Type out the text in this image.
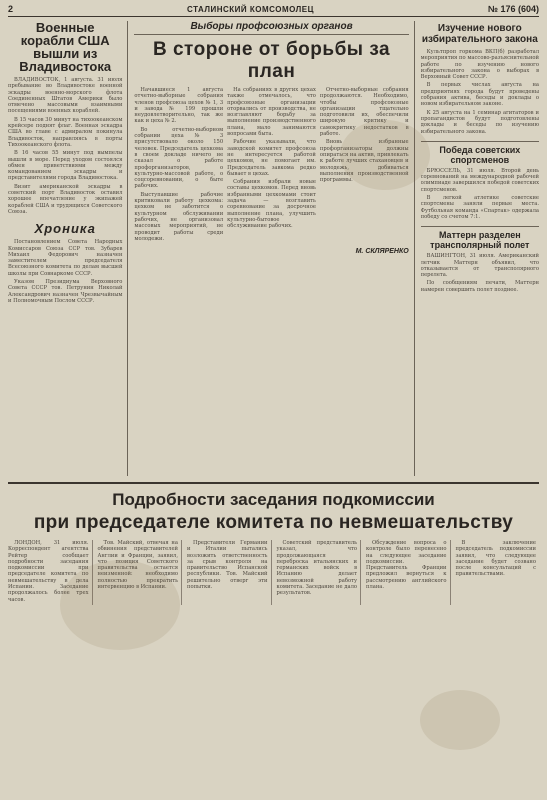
2	СТАЛИНСКИЙ КОМСОМОЛЕЦ	№ 176 (604)
Военные корабли США вышли из Владивостока

ВЛАДИВОСТОК, 1 августа. 31 июля пребывание во Владивостоке военной эскадры военно-морского флота Соединенных Штатов Америки было отмечено массовыми взаимными посещениями военных кораблей.

В 15 часов 30 минут на тихоокеанском крейсере поднят флаг. Военная эскадра США во главе с адмиралом покинула Владивосток, направляясь в порты Тихоокеанского флота.

В 16 часов 55 минут под вымпелы вышли в море. Перед уходом состоялся обмен приветствиями между командованием эскадры и представителями города Владивостока.

Визит американской эскадры в советский порт Владивосток оставил хорошее впечатление у экипажей кораблей США и трудящихся Советского Союза.

Хроника

Постановлением Совета Народных Комиссаров Союза ССР тов. Зубарев Михаил Федорович назначен заместителем председателя Всесоюзного комитета по делам высшей школы при Совнаркоме СССР.

Указом Президиума Верховного Совета СССР тов. Петрунин Николай Александрович назначен Чрезвычайным и Полномочным Послом СССР.

Выборы профсоюзных органов
В стороне от борьбы за план

Начавшиеся 1 августа отчетно-выборные собрания членов профсоюза цехов № 1, 3 и завода № 199 прошли неудовлетворительно, так же как и цеха № 2.

Во отчетно-выборном собрании цеха № 3 присутствовало около 150 человек. Председатель цехкома в своем докладе ничего не сказал о работе профорганизаторов, о культурно-массовой работе, о соцсоревновании, о быте рабочих.

Выступавшие рабочие критиковали работу цехкома: цехком не заботится о культурном обслуживании рабочих, не организовал массовых мероприятий, не проводит работы среди молодежи.

На собраниях в других цехах также отмечалось, что профсоюзные организации оторвались от производства, не возглавляют борьбу за выполнение производственного плана, мало занимаются вопросами быта.

Рабочие указывали, что заводской комитет профсоюза не интересуется работой цехкомов, не помогает им. Председатель завкома редко бывает в цехах.

Собрания избрали новые составы цехкомов. Перед вновь избранными цехкомами стоит задача — возглавить соревнование за досрочное выполнение плана, улучшить культурно-бытовое обслуживание рабочих.

Отчетно-выборные собрания продолжаются. Необходимо, чтобы профсоюзные организации тщательно подготовили их, обеспечили широкую критику и самокритику недостатков в работе.

Вновь избранные профорганизаторы должны опираться на актив, привлекать к работе лучших стахановцев и молодежь, добиваться выполнения производственной программы.

М. СКЛЯРЕНКО
Изучение нового избирательного закона

Культпроп горкома ВКП(б) разработал мероприятия по массово-разъяснительной работе по изучению нового избирательного закона о выборах в Верховный Совет СССР.

В первых числах августа на предприятиях города будут проведены собрания актива, беседы и доклады о новом избирательном законе.

К 25 августа на 1 семинар агитаторов и пропагандистов будут подготовлены доклады и беседы по изучению избирательного закона.

Победа советских спортсменов

БРЮССЕЛЬ, 31 июля. Второй день соревнований на международной рабочей олимпиаде завершился победой советских спортсменов.

В легкой атлетике советские спортсмены заняли первые места. Футбольная команда «Спартак» одержала победу со счетом 7:1.

Маттерн разделен трансполярный полет

ВАШИНГТОН, 31 июля. Американский летчик Маттерн объявил, что отказывается от трансполярного перелета.

По сообщениям печати, Маттерн намерен совершить полет позднее.

Подробности заседания подкомиссии
при председателе комитета по невмешательству

ЛОНДОН, 31 июля. Корреспондент агентства Рейтер сообщает подробности заседания подкомиссии при председателе комитета по невмешательству в дела Испании. Заседание продолжалось более трех часов.

Тов. Майский, отвечая на обвинения представителей Англии и Франции, заявил, что позиция Советского правительства остается неизменной: необходимо полностью прекратить интервенцию в Испании.

Представители Германии и Италии пытались возложить ответственность за срыв контроля на правительство Испанской республики. Тов. Майский решительно отверг эти попытки.

Советский представитель указал, что продолжающаяся переброска итальянских и германских войск в Испанию делает невозможной работу комитета. Заседание не дало результатов.

Обсуждение вопроса о контроле было перенесено на следующее заседание подкомиссии. Представитель Франции предложил вернуться к рассмотрению английского плана.

В заключение председатель подкомиссии заявил, что следующее заседание будет созвано после консультаций с правительствами.
